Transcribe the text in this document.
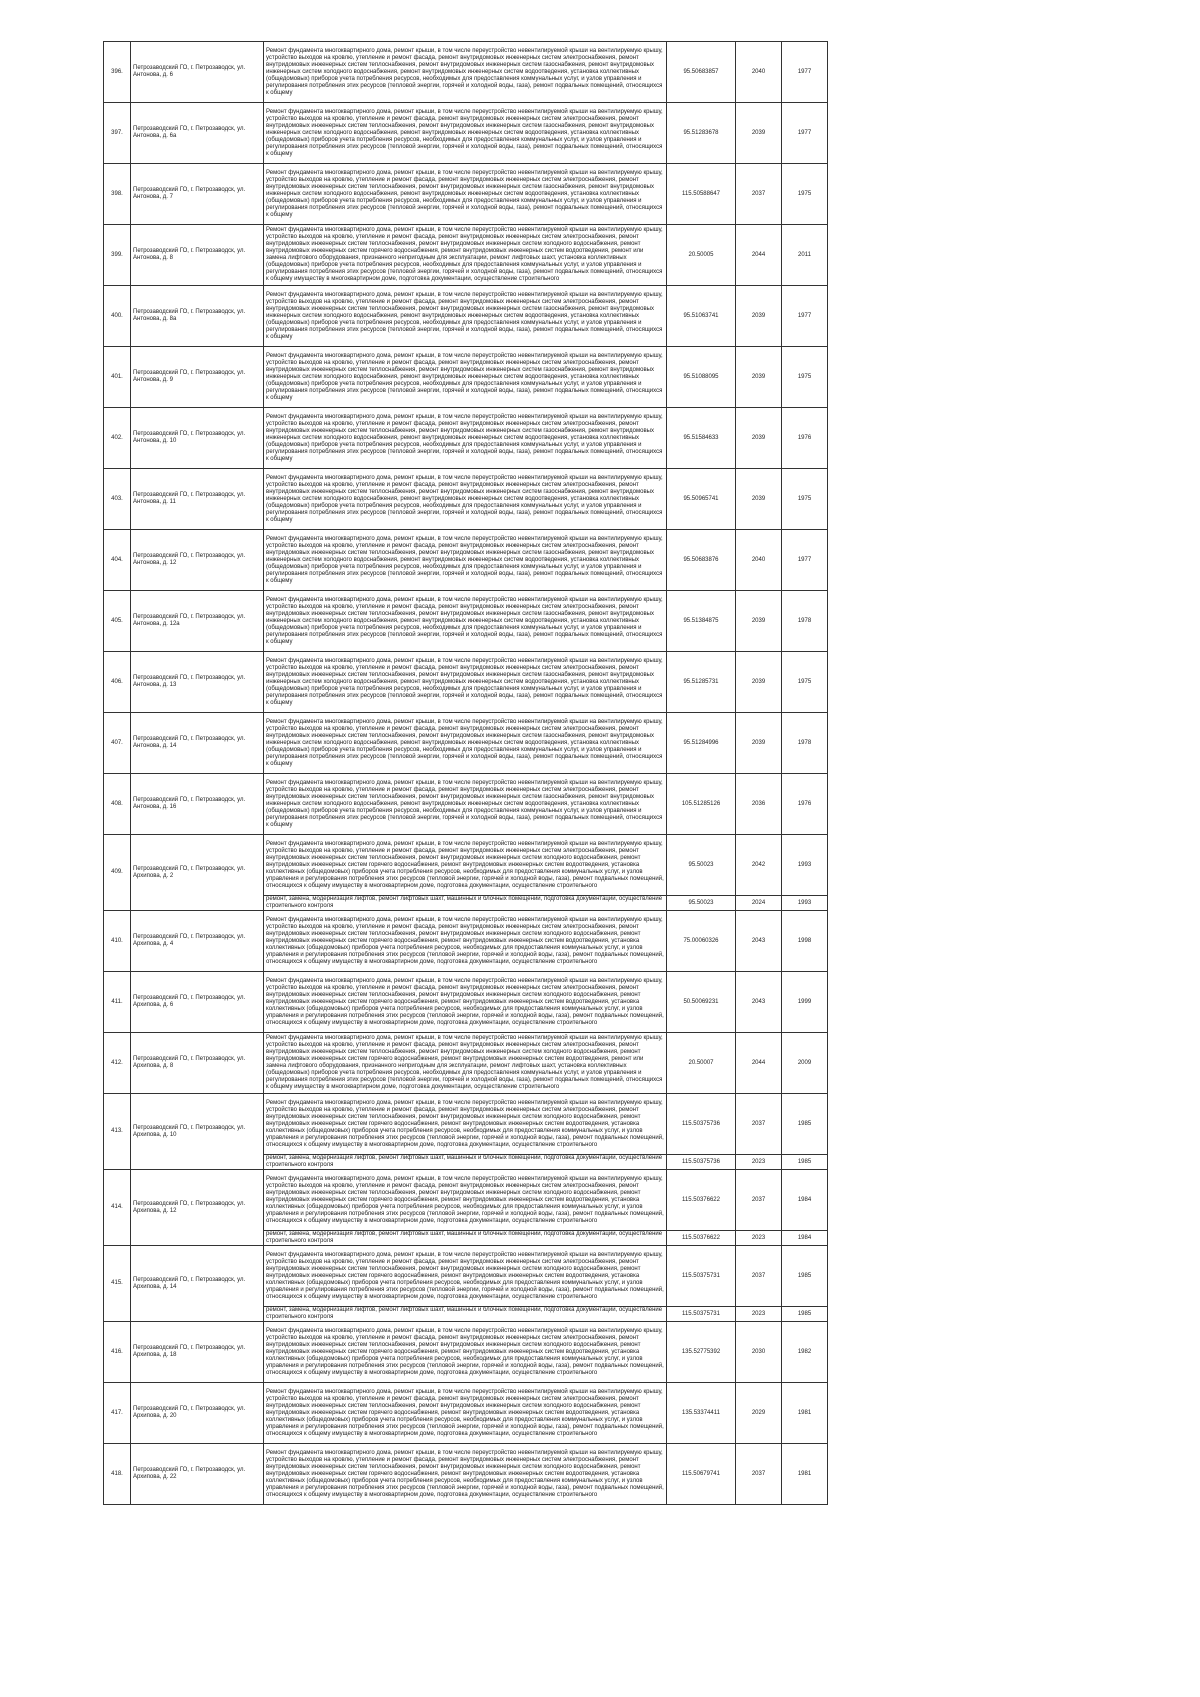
396.	Петрозаводский ГО, г. Петрозаводск, ул. Антонова, д. 6	Ремонт фундамента многоквартирного дома, ремонт крыши, в том числе переустройство невентилируемой крыши на вентилируемую крышу, устройство выходов на кровлю, утепление и ремонт фасада, ремонт внутридомовых инженерных систем электроснабжения, ремонт внутридомовых инженерных систем теплоснабжения, ремонт внутридомовых инженерных систем газоснабжения, ремонт внутридомовых инженерных систем холодного водоснабжения, ремонт внутридомовых инженерных систем водоотведения, установка коллективных (общедомовых) приборов учета потребления ресурсов, необходимых для предоставления коммунальных услуг, и узлов управления и регулирования потребления этих ресурсов (тепловой энергии, горячей и холодной воды, газа), ремонт подвальных помещений, относящихся к общему	95.50683857	2040	1977
397.	Петрозаводский ГО, г. Петрозаводск, ул. Антонова, д. 6а	Ремонт фундамента многоквартирного дома, ремонт крыши, в том числе переустройство невентилируемой крыши на вентилируемую крышу, устройство выходов на кровлю, утепление и ремонт фасада, ремонт внутридомовых инженерных систем электроснабжения, ремонт внутридомовых инженерных систем теплоснабжения, ремонт внутридомовых инженерных систем газоснабжения, ремонт внутридомовых инженерных систем холодного водоснабжения, ремонт внутридомовых инженерных систем водоотведения, установка коллективных (общедомовых) приборов учета потребления ресурсов, необходимых для предоставления коммунальных услуг, и узлов управления и регулирования потребления этих ресурсов (тепловой энергии, горячей и холодной воды, газа), ремонт подвальных помещений, относящихся к общему	95.51283678	2039	1977
398.	Петрозаводский ГО, г. Петрозаводск, ул. Антонова, д. 7	Ремонт фундамента многоквартирного дома, ремонт крыши, в том числе переустройство невентилируемой крыши на вентилируемую крышу, устройство выходов на кровлю, утепление и ремонт фасада, ремонт внутридомовых инженерных систем электроснабжения, ремонт внутридомовых инженерных систем теплоснабжения, ремонт внутридомовых инженерных систем газоснабжения, ремонт внутридомовых инженерных систем холодного водоснабжения, ремонт внутридомовых инженерных систем водоотведения, установка коллективных (общедомовых) приборов учета потребления ресурсов, необходимых для предоставления коммунальных услуг, и узлов управления и регулирования потребления этих ресурсов (тепловой энергии, горячей и холодной воды, газа), ремонт подвальных помещений, относящихся к общему	115.50588647	2037	1975
399.	Петрозаводский ГО, г. Петрозаводск, ул. Антонова, д. 8	Ремонт фундамента многоквартирного дома, ремонт крыши, в том числе переустройство невентилируемой крыши на вентилируемую крышу, устройство выходов на кровлю, утепление и ремонт фасада, ремонт внутридомовых инженерных систем электроснабжения, ремонт внутридомовых инженерных систем теплоснабжения, ремонт внутридомовых инженерных систем холодного водоснабжения, ремонт внутридомовых инженерных систем горячего водоснабжения, ремонт внутридомовых инженерных систем водоотведения, ремонт или замена лифтового оборудования, признанного непригодным для эксплуатации, ремонт лифтовых шахт, установка коллективных (общедомовых) приборов учета потребления ресурсов, необходимых для предоставления коммунальных услуг, и узлов управления и регулирования потребления этих ресурсов (тепловой энергии, горячей и холодной воды, газа), ремонт подвальных помещений, относящихся к общему имуществу в многоквартирном доме, подготовка документации, осуществление строительного	20.50005	2044	2011
400.	Петрозаводский ГО, г. Петрозаводск, ул. Антонова, д. 8а	Ремонт фундамента многоквартирного дома, ремонт крыши, в том числе переустройство невентилируемой крыши на вентилируемую крышу, устройство выходов на кровлю, утепление и ремонт фасада, ремонт внутридомовых инженерных систем электроснабжения, ремонт внутридомовых инженерных систем теплоснабжения, ремонт внутридомовых инженерных систем газоснабжения, ремонт внутридомовых инженерных систем холодного водоснабжения, ремонт внутридомовых инженерных систем водоотведения, установка коллективных (общедомовых) приборов учета потребления ресурсов, необходимых для предоставления коммунальных услуг, и узлов управления и регулирования потребления этих ресурсов (тепловой энергии, горячей и холодной воды, газа), ремонт подвальных помещений, относящихся к общему	95.51063741	2039	1977
401.	Петрозаводский ГО, г. Петрозаводск, ул. Антонова, д. 9	Ремонт фундамента многоквартирного дома, ремонт крыши, в том числе переустройство невентилируемой крыши на вентилируемую крышу, устройство выходов на кровлю, утепление и ремонт фасада, ремонт внутридомовых инженерных систем электроснабжения, ремонт внутридомовых инженерных систем теплоснабжения, ремонт внутридомовых инженерных систем газоснабжения, ремонт внутридомовых инженерных систем холодного водоснабжения, ремонт внутридомовых инженерных систем водоотведения, установка коллективных (общедомовых) приборов учета потребления ресурсов, необходимых для предоставления коммунальных услуг, и узлов управления и регулирования потребления этих ресурсов (тепловой энергии, горячей и холодной воды, газа), ремонт подвальных помещений, относящихся к общему	95.51088095	2039	1975
402.	Петрозаводский ГО, г. Петрозаводск, ул. Антонова, д. 10	Ремонт фундамента многоквартирного дома, ремонт крыши, в том числе переустройство невентилируемой крыши на вентилируемую крышу, устройство выходов на кровлю, утепление и ремонт фасада, ремонт внутридомовых инженерных систем электроснабжения, ремонт внутридомовых инженерных систем теплоснабжения, ремонт внутридомовых инженерных систем газоснабжения, ремонт внутридомовых инженерных систем холодного водоснабжения, ремонт внутридомовых инженерных систем водоотведения, установка коллективных (общедомовых) приборов учета потребления ресурсов, необходимых для предоставления коммунальных услуг, и узлов управления и регулирования потребления этих ресурсов (тепловой энергии, горячей и холодной воды, газа), ремонт подвальных помещений, относящихся к общему	95.51584633	2039	1976
403.	Петрозаводский ГО, г. Петрозаводск, ул. Антонова, д. 11	Ремонт фундамента многоквартирного дома, ремонт крыши, в том числе переустройство невентилируемой крыши на вентилируемую крышу, устройство выходов на кровлю, утепление и ремонт фасада, ремонт внутридомовых инженерных систем электроснабжения, ремонт внутридомовых инженерных систем теплоснабжения, ремонт внутридомовых инженерных систем газоснабжения, ремонт внутридомовых инженерных систем холодного водоснабжения, ремонт внутридомовых инженерных систем водоотведения, установка коллективных (общедомовых) приборов учета потребления ресурсов, необходимых для предоставления коммунальных услуг, и узлов управления и регулирования потребления этих ресурсов (тепловой энергии, горячей и холодной воды, газа), ремонт подвальных помещений, относящихся к общему	95.50965741	2039	1975
404.	Петрозаводский ГО, г. Петрозаводск, ул. Антонова, д. 12	Ремонт фундамента многоквартирного дома, ремонт крыши, в том числе переустройство невентилируемой крыши на вентилируемую крышу, устройство выходов на кровлю, утепление и ремонт фасада, ремонт внутридомовых инженерных систем электроснабжения, ремонт внутридомовых инженерных систем теплоснабжения, ремонт внутридомовых инженерных систем газоснабжения, ремонт внутридомовых инженерных систем холодного водоснабжения, ремонт внутридомовых инженерных систем водоотведения, установка коллективных (общедомовых) приборов учета потребления ресурсов, необходимых для предоставления коммунальных услуг, и узлов управления и регулирования потребления этих ресурсов (тепловой энергии, горячей и холодной воды, газа), ремонт подвальных помещений, относящихся к общему	95.50683876	2040	1977
405.	Петрозаводский ГО, г. Петрозаводск, ул. Антонова, д. 12а	Ремонт фундамента многоквартирного дома, ремонт крыши, в том числе переустройство невентилируемой крыши на вентилируемую крышу, устройство выходов на кровлю, утепление и ремонт фасада, ремонт внутридомовых инженерных систем электроснабжения, ремонт внутридомовых инженерных систем теплоснабжения, ремонт внутридомовых инженерных систем газоснабжения, ремонт внутридомовых инженерных систем холодного водоснабжения, ремонт внутридомовых инженерных систем водоотведения, установка коллективных (общедомовых) приборов учета потребления ресурсов, необходимых для предоставления коммунальных услуг, и узлов управления и регулирования потребления этих ресурсов (тепловой энергии, горячей и холодной воды, газа), ремонт подвальных помещений, относящихся к общему	95.51384875	2039	1978
406.	Петрозаводский ГО, г. Петрозаводск, ул. Антонова, д. 13	Ремонт фундамента многоквартирного дома, ремонт крыши, в том числе переустройство невентилируемой крыши на вентилируемую крышу, устройство выходов на кровлю, утепление и ремонт фасада, ремонт внутридомовых инженерных систем электроснабжения, ремонт внутридомовых инженерных систем теплоснабжения, ремонт внутридомовых инженерных систем газоснабжения, ремонт внутридомовых инженерных систем холодного водоснабжения, ремонт внутридомовых инженерных систем водоотведения, установка коллективных (общедомовых) приборов учета потребления ресурсов, необходимых для предоставления коммунальных услуг, и узлов управления и регулирования потребления этих ресурсов (тепловой энергии, горячей и холодной воды, газа), ремонт подвальных помещений, относящихся к общему	95.51285731	2039	1975
407.	Петрозаводский ГО, г. Петрозаводск, ул. Антонова, д. 14	Ремонт фундамента многоквартирного дома, ремонт крыши, в том числе переустройство невентилируемой крыши на вентилируемую крышу, устройство выходов на кровлю, утепление и ремонт фасада, ремонт внутридомовых инженерных систем электроснабжения, ремонт внутридомовых инженерных систем теплоснабжения, ремонт внутридомовых инженерных систем газоснабжения, ремонт внутридомовых инженерных систем холодного водоснабжения, ремонт внутридомовых инженерных систем водоотведения, установка коллективных (общедомовых) приборов учета потребления ресурсов, необходимых для предоставления коммунальных услуг, и узлов управления и регулирования потребления этих ресурсов (тепловой энергии, горячей и холодной воды, газа), ремонт подвальных помещений, относящихся к общему	95.51284996	2039	1978
408.	Петрозаводский ГО, г. Петрозаводск, ул. Антонова, д. 16	Ремонт фундамента многоквартирного дома, ремонт крыши, в том числе переустройство невентилируемой крыши на вентилируемую крышу, устройство выходов на кровлю, утепление и ремонт фасада, ремонт внутридомовых инженерных систем электроснабжения, ремонт внутридомовых инженерных систем теплоснабжения, ремонт внутридомовых инженерных систем газоснабжения, ремонт внутридомовых инженерных систем холодного водоснабжения, ремонт внутридомовых инженерных систем водоотведения, установка коллективных (общедомовых) приборов учета потребления ресурсов, необходимых для предоставления коммунальных услуг, и узлов управления и регулирования потребления этих ресурсов (тепловой энергии, горячей и холодной воды, газа), ремонт подвальных помещений, относящихся к общему	105.51285126	2036	1976
409.	Петрозаводский ГО, г. Петрозаводск, ул. Архипова, д. 2	Ремонт фундамента многоквартирного дома, ремонт крыши, в том числе переустройство невентилируемой крыши на вентилируемую крышу, устройство выходов на кровлю, утепление и ремонт фасада, ремонт внутридомовых инженерных систем электроснабжения, ремонт внутридомовых инженерных систем теплоснабжения, ремонт внутридомовых инженерных систем холодного водоснабжения, ремонт внутридомовых инженерных систем горячего водоснабжения, ремонт внутридомовых инженерных систем водоотведения, установка коллективных (общедомовых) приборов учета потребления ресурсов, необходимых для предоставления коммунальных услуг, и узлов управления и регулирования потребления этих ресурсов (тепловой энергии, горячей и холодной воды, газа), ремонт подвальных помещений, относящихся к общему имуществу в многоквартирном доме, подготовка документации, осуществление строительного	95.50023	2042	1993
		ремонт, замена, модернизация лифтов, ремонт лифтовых шахт, машинных и блочных помещений, подготовка документации, осуществление строительного контроля	95.50023	2024	1993
410.	Петрозаводский ГО, г. Петрозаводск, ул. Архипова, д. 4	Ремонт фундамента многоквартирного дома, ремонт крыши, в том числе переустройство невентилируемой крыши на вентилируемую крышу, устройство выходов на кровлю, утепление и ремонт фасада, ремонт внутридомовых инженерных систем электроснабжения, ремонт внутридомовых инженерных систем теплоснабжения, ремонт внутридомовых инженерных систем холодного водоснабжения, ремонт внутридомовых инженерных систем горячего водоснабжения, ремонт внутридомовых инженерных систем водоотведения, установка коллективных (общедомовых) приборов учета потребления ресурсов, необходимых для предоставления коммунальных услуг, и узлов управления и регулирования потребления этих ресурсов (тепловой энергии, горячей и холодной воды, газа), ремонт подвальных помещений, относящихся к общему имуществу в многоквартирном доме, подготовка документации, осуществление строительного	75.00060326	2043	1998
411.	Петрозаводский ГО, г. Петрозаводск, ул. Архипова, д. 6	Ремонт фундамента многоквартирного дома, ремонт крыши, в том числе переустройство невентилируемой крыши на вентилируемую крышу, устройство выходов на кровлю, утепление и ремонт фасада, ремонт внутридомовых инженерных систем электроснабжения, ремонт внутридомовых инженерных систем теплоснабжения, ремонт внутридомовых инженерных систем холодного водоснабжения, ремонт внутридомовых инженерных систем горячего водоснабжения, ремонт внутридомовых инженерных систем водоотведения, установка коллективных (общедомовых) приборов учета потребления ресурсов, необходимых для предоставления коммунальных услуг, и узлов управления и регулирования потребления этих ресурсов (тепловой энергии, горячей и холодной воды, газа), ремонт подвальных помещений, относящихся к общему имуществу в многоквартирном доме, подготовка документации, осуществление строительного	50.50069231	2043	1999
412.	Петрозаводский ГО, г. Петрозаводск, ул. Архипова, д. 8	Ремонт фундамента многоквартирного дома, ремонт крыши, в том числе переустройство невентилируемой крыши на вентилируемую крышу, устройство выходов на кровлю, утепление и ремонт фасада, ремонт внутридомовых инженерных систем электроснабжения, ремонт внутридомовых инженерных систем теплоснабжения, ремонт внутридомовых инженерных систем холодного водоснабжения, ремонт внутридомовых инженерных систем горячего водоснабжения, ремонт внутридомовых инженерных систем водоотведения, ремонт или замена лифтового оборудования, признанного непригодным для эксплуатации, ремонт лифтовых шахт, установка коллективных (общедомовых) приборов учета потребления ресурсов, необходимых для предоставления коммунальных услуг, и узлов управления и регулирования потребления этих ресурсов (тепловой энергии, горячей и холодной воды, газа), ремонт подвальных помещений, относящихся к общему имуществу в многоквартирном доме, подготовка документации, осуществление строительного	20.50007	2044	2009
413.	Петрозаводский ГО, г. Петрозаводск, ул. Архипова, д. 10	Ремонт фундамента многоквартирного дома, ремонт крыши, в том числе переустройство невентилируемой крыши на вентилируемую крышу, устройство выходов на кровлю, утепление и ремонт фасада, ремонт внутридомовых инженерных систем электроснабжения, ремонт внутридомовых инженерных систем теплоснабжения, ремонт внутридомовых инженерных систем холодного водоснабжения, ремонт внутридомовых инженерных систем горячего водоснабжения, ремонт внутридомовых инженерных систем водоотведения, установка коллективных (общедомовых) приборов учета потребления ресурсов, необходимых для предоставления коммунальных услуг, и узлов управления и регулирования потребления этих ресурсов (тепловой энергии, горячей и холодной воды, газа), ремонт подвальных помещений, относящихся к общему имуществу в многоквартирном доме, подготовка документации, осуществление строительного	115.50375736	2037	1985
		ремонт, замена, модернизация лифтов, ремонт лифтовых шахт, машинных и блочных помещений, подготовка документации, осуществление строительного контроля	115.50375736	2023	1985
414.	Петрозаводский ГО, г. Петрозаводск, ул. Архипова, д. 12	Ремонт фундамента многоквартирного дома, ремонт крыши, в том числе переустройство невентилируемой крыши на вентилируемую крышу, устройство выходов на кровлю, утепление и ремонт фасада, ремонт внутридомовых инженерных систем электроснабжения, ремонт внутридомовых инженерных систем теплоснабжения, ремонт внутридомовых инженерных систем холодного водоснабжения, ремонт внутридомовых инженерных систем горячего водоснабжения, ремонт внутридомовых инженерных систем водоотведения, установка коллективных (общедомовых) приборов учета потребления ресурсов, необходимых для предоставления коммунальных услуг, и узлов управления и регулирования потребления этих ресурсов (тепловой энергии, горячей и холодной воды, газа), ремонт подвальных помещений, относящихся к общему имуществу в многоквартирном доме, подготовка документации, осуществление строительного	115.50376622	2037	1984
		ремонт, замена, модернизация лифтов, ремонт лифтовых шахт, машинных и блочных помещений, подготовка документации, осуществление строительного контроля	115.50376622	2023	1984
415.	Петрозаводский ГО, г. Петрозаводск, ул. Архипова, д. 14	Ремонт фундамента многоквартирного дома, ремонт крыши, в том числе переустройство невентилируемой крыши на вентилируемую крышу, устройство выходов на кровлю, утепление и ремонт фасада, ремонт внутридомовых инженерных систем электроснабжения, ремонт внутридомовых инженерных систем теплоснабжения, ремонт внутридомовых инженерных систем холодного водоснабжения, ремонт внутридомовых инженерных систем горячего водоснабжения, ремонт внутридомовых инженерных систем водоотведения, установка коллективных (общедомовых) приборов учета потребления ресурсов, необходимых для предоставления коммунальных услуг, и узлов управления и регулирования потребления этих ресурсов (тепловой энергии, горячей и холодной воды, газа), ремонт подвальных помещений, относящихся к общему имуществу в многоквартирном доме, подготовка документации, осуществление строительного	115.50375731	2037	1985
		ремонт, замена, модернизация лифтов, ремонт лифтовых шахт, машинных и блочных помещений, подготовка документации, осуществление строительного контроля	115.50375731	2023	1985
416.	Петрозаводский ГО, г. Петрозаводск, ул. Архипова, д. 18	Ремонт фундамента многоквартирного дома, ремонт крыши, в том числе переустройство невентилируемой крыши на вентилируемую крышу, устройство выходов на кровлю, утепление и ремонт фасада, ремонт внутридомовых инженерных систем электроснабжения, ремонт внутридомовых инженерных систем теплоснабжения, ремонт внутридомовых инженерных систем холодного водоснабжения, ремонт внутридомовых инженерных систем горячего водоснабжения, ремонт внутридомовых инженерных систем водоотведения, установка коллективных (общедомовых) приборов учета потребления ресурсов, необходимых для предоставления коммунальных услуг, и узлов управления и регулирования потребления этих ресурсов (тепловой энергии, горячей и холодной воды, газа), ремонт подвальных помещений, относящихся к общему имуществу в многоквартирном доме, подготовка документации, осуществление строительного	135.52775392	2030	1982
417.	Петрозаводский ГО, г. Петрозаводск, ул. Архипова, д. 20	Ремонт фундамента многоквартирного дома, ремонт крыши, в том числе переустройство невентилируемой крыши на вентилируемую крышу, устройство выходов на кровлю, утепление и ремонт фасада, ремонт внутридомовых инженерных систем электроснабжения, ремонт внутридомовых инженерных систем теплоснабжения, ремонт внутридомовых инженерных систем холодного водоснабжения, ремонт внутридомовых инженерных систем горячего водоснабжения, ремонт внутридомовых инженерных систем водоотведения, установка коллективных (общедомовых) приборов учета потребления ресурсов, необходимых для предоставления коммунальных услуг, и узлов управления и регулирования потребления этих ресурсов (тепловой энергии, горячей и холодной воды, газа), ремонт подвальных помещений, относящихся к общему имуществу в многоквартирном доме, подготовка документации, осуществление строительного	135.53374411	2029	1981
418.	Петрозаводский ГО, г. Петрозаводск, ул. Архипова, д. 22	Ремонт фундамента многоквартирного дома, ремонт крыши, в том числе переустройство невентилируемой крыши на вентилируемую крышу, устройство выходов на кровлю, утепление и ремонт фасада, ремонт внутридомовых инженерных систем электроснабжения, ремонт внутридомовых инженерных систем теплоснабжения, ремонт внутридомовых инженерных систем холодного водоснабжения, ремонт внутридомовых инженерных систем горячего водоснабжения, ремонт внутридомовых инженерных систем водоотведения, установка коллективных (общедомовых) приборов учета потребления ресурсов, необходимых для предоставления коммунальных услуг, и узлов управления и регулирования потребления этих ресурсов (тепловой энергии, горячей и холодной воды, газа), ремонт подвальных помещений, относящихся к общему имуществу в многоквартирном доме, подготовка документации, осуществление строительного	115.50679741	2037	1981
